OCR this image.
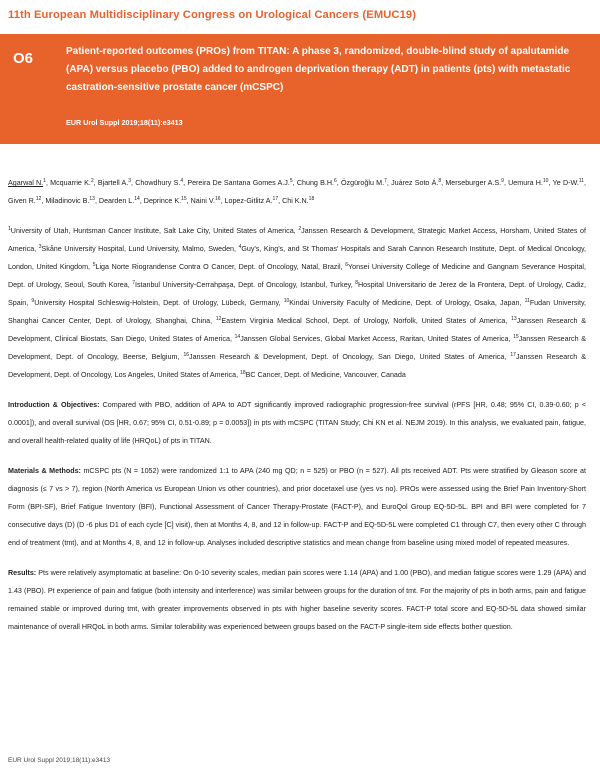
11th European Multidisciplinary Congress on Urological Cancers (EMUC19)
O6	Patient-reported outcomes (PROs) from TITAN: A phase 3, randomized, double-blind study of apalutamide (APA) versus placebo (PBO) added to androgen deprivation therapy (ADT) in patients (pts) with metastatic castration-sensitive prostate cancer (mCSPC)
EUR Urol Suppl 2019;18(11):e3413
Agarwal N.$^1$, Mcquarrie K.$^2$, Bjartell A.$^3$, Chowdhury S.$^4$, Pereira De Santana Gomes A.J.$^5$, Chung B.H.$^6$, Özgüroğlu M.$^7$, Juárez Soto Á.$^8$, Merseburger A.S.$^9$, Uemura H.$^{10}$, Ye D-W.$^{11}$, Given R.$^{12}$, Miladinovic B.$^{13}$, Dearden L.$^{14}$, Deprince K.$^{15}$, Naini V.$^{16}$, Lopez-Gitlitz A.$^{17}$, Chi K.N.$^{18}$

$^1$University of Utah, Huntsman Cancer Institute, Salt Lake City, United States of America, $^2$Janssen Research & Development, Strategic Market Access, Horsham, United States of America, $^3$Skåne University Hospital, Lund University, Malmo, Sweden, $^4$Guy's, King's, and St Thomas' Hospitals and Sarah Cannon Research Institute, Dept. of Medical Oncology, London, United Kingdom, $^5$Liga Norte Riograndense Contra O Cancer, Dept. of Oncology, Natal, Brazil, $^6$Yonsei University College of Medicine and Gangnam Severance Hospital, Dept. of Urology, Seoul, South Korea, $^7$Istanbul University-Cerrahpaşa, Dept. of Oncology, Istanbul, Turkey, $^8$Hospital Universitario de Jerez de la Frontera, Dept. of Urology, Cadiz, Spain, $^9$University Hospital Schleswig-Holstein, Dept. of Urology, Lübeck, Germany, $^{10}$Kindai University Faculty of Medicine, Dept. of Urology, Osaka, Japan, $^{11}$Fudan University, Shanghai Cancer Center, Dept. of Urology, Shanghai, China, $^{12}$Eastern Virginia Medical School, Dept. of Urology, Norfolk, United States of America, $^{13}$Janssen Research & Development, Clinical Biostats, San Diego, United States of America, $^{14}$Janssen Global Services, Global Market Access, Raritan, United States of America, $^{15}$Janssen Research & Development, Dept. of Oncology, Beerse, Belgium, $^{16}$Janssen Research & Development, Dept. of Oncology, San Diego, United States of America, $^{17}$Janssen Research & Development, Dept. of Oncology, Los Angeles, United States of America, $^{18}$BC Cancer, Dept. of Medicine, Vancouver, Canada

Introduction & Objectives: Compared with PBO, addition of APA to ADT significantly improved radiographic progression-free survival (rPFS [HR, 0.48; 95% CI, 0.39-0.60; p < 0.0001]), and overall survival (OS [HR, 0.67; 95% CI, 0.51-0.89; p = 0.0053]) in pts with mCSPC (TITAN Study; Chi KN et al. NEJM 2019). In this analysis, we evaluated pain, fatigue, and overall health-related quality of life (HRQoL) of pts in TITAN.

Materials & Methods: mCSPC pts (N = 1052) were randomized 1:1 to APA (240 mg QD; n = 525) or PBO (n = 527). All pts received ADT. Pts were stratified by Gleason score at diagnosis (≤ 7 vs > 7), region (North America vs European Union vs other countries), and prior docetaxel use (yes vs no). PROs were assessed using the Brief Pain Inventory-Short Form (BPI-SF), Brief Fatigue Inventory (BFI), Functional Assessment of Cancer Therapy-Prostate (FACT-P), and EuroQol Group EQ-5D-5L. BPI and BFI were completed for 7 consecutive days (D) (D -6 plus D1 of each cycle [C] visit), then at Months 4, 8, and 12 in follow-up. FACT-P and EQ-5D-5L were completed C1 through C7, then every other C through end of treatment (tmt), and at Months 4, 8, and 12 in follow-up. Analyses included descriptive statistics and mean change from baseline using mixed model of repeated measures.

Results: Pts were relatively asymptomatic at baseline: On 0-10 severity scales, median pain scores were 1.14 (APA) and 1.00 (PBO), and median fatigue scores were 1.29 (APA) and 1.43 (PBO). Pt experience of pain and fatigue (both intensity and interference) was similar between groups for the duration of tmt. For the majority of pts in both arms, pain and fatigue remained stable or improved during tmt, with greater improvements observed in pts with higher baseline severity scores. FACT-P total score and EQ-5D-5L data showed similar maintenance of overall HRQoL in both arms. Similar tolerability was experienced between groups based on the FACT-P single-item side effects bother question.

EUR Urol Suppl 2019;18(11):e3413
